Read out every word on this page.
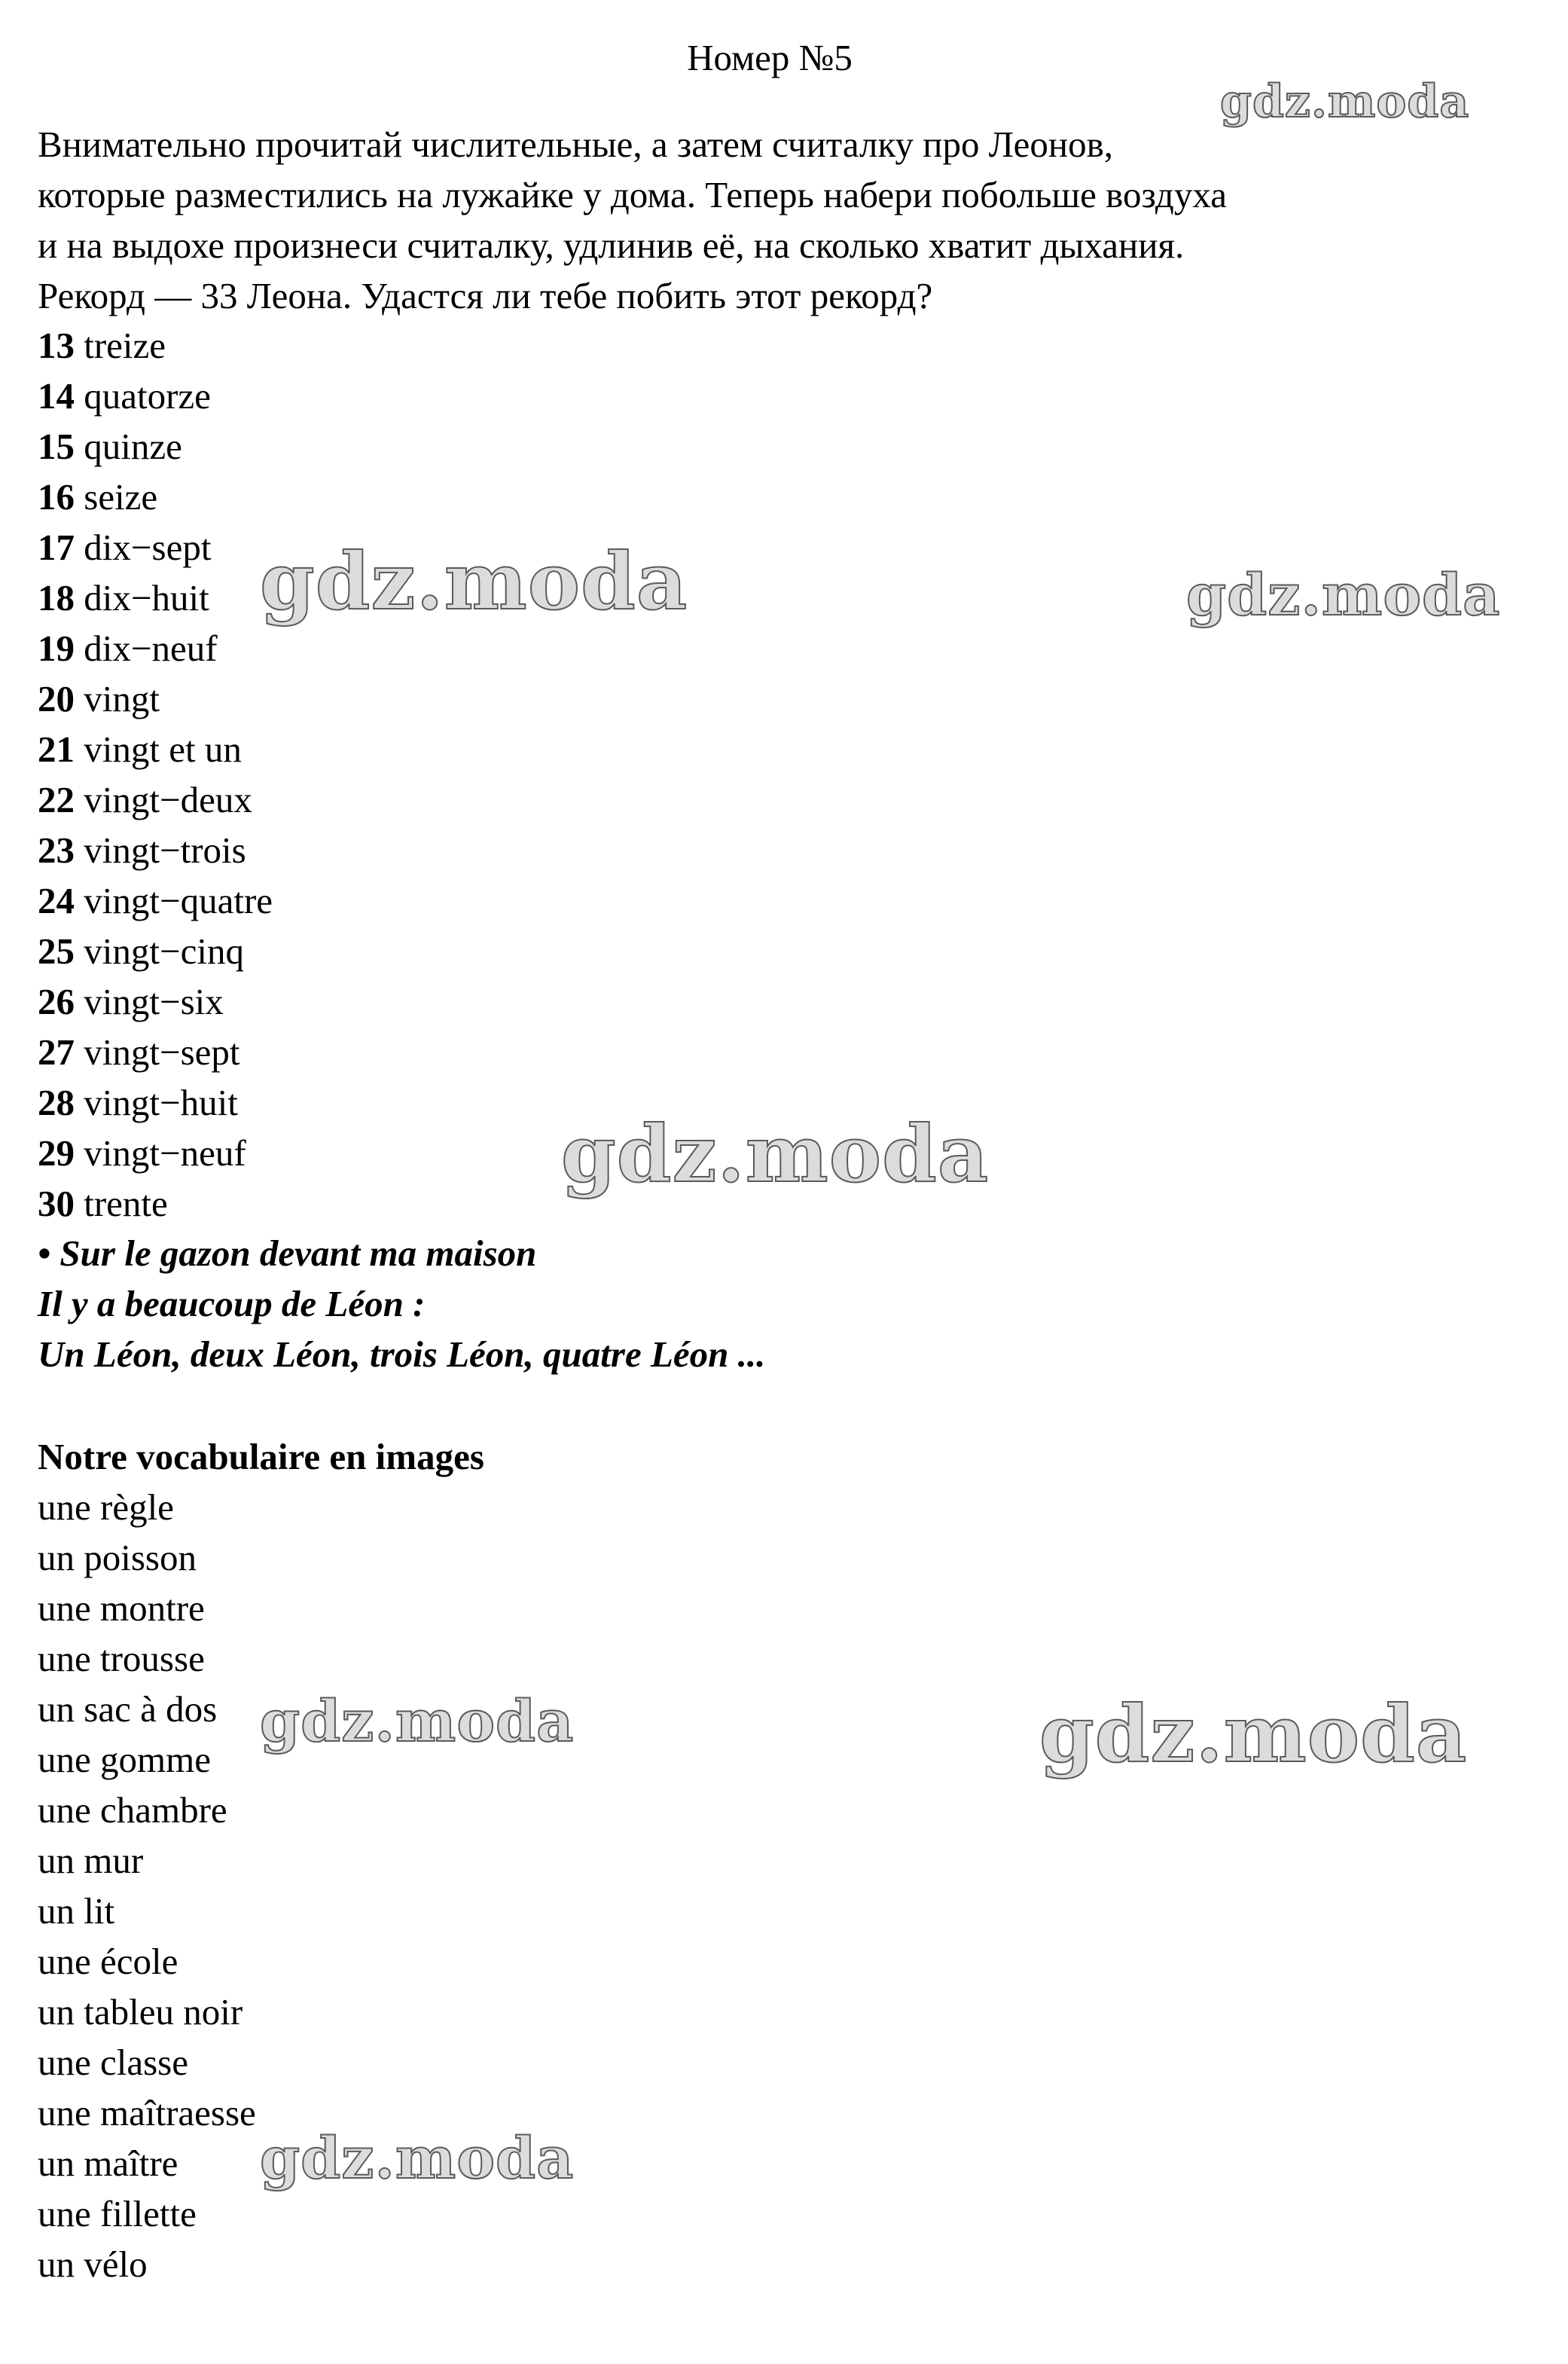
Номер №5
Внимательно прочитай числительные, а затем считалку про Леонов,
которые разместились на лужайке у дома. Теперь набери побольше воздуха
и на выдохе произнеси считалку, удлинив её, на сколько хватит дыхания.
Рекорд — 33 Леона. Удастся ли тебе побить этот рекорд?
13 treize
14 quatorze
15 quinze
16 seize
17 dix−sept
18 dix−huit
19 dix−neuf
20 vingt
21 vingt et un
22 vingt−deux
23 vingt−trois
24 vingt−quatre
25 vingt−cinq
26 vingt−six
27 vingt−sept
28 vingt−huit
29 vingt−neuf
30 trente
• Sur le gazon devant ma maison
Il y a beaucoup de Léon :
Un Léon, deux Léon, trois Léon, quatre Léon ...
Notre vocabulaire en images
une règle
un poisson
une montre
une trousse
un sac à dos
une gomme
une chambre
un mur
un lit
une école
un tableu noir
une classe
une maîtraesse
un maître
une fillette
un vélo
gdz.moda
gdz.moda	gdz.moda
gdz.moda
gdz.moda	gdz.moda
gdz.moda
